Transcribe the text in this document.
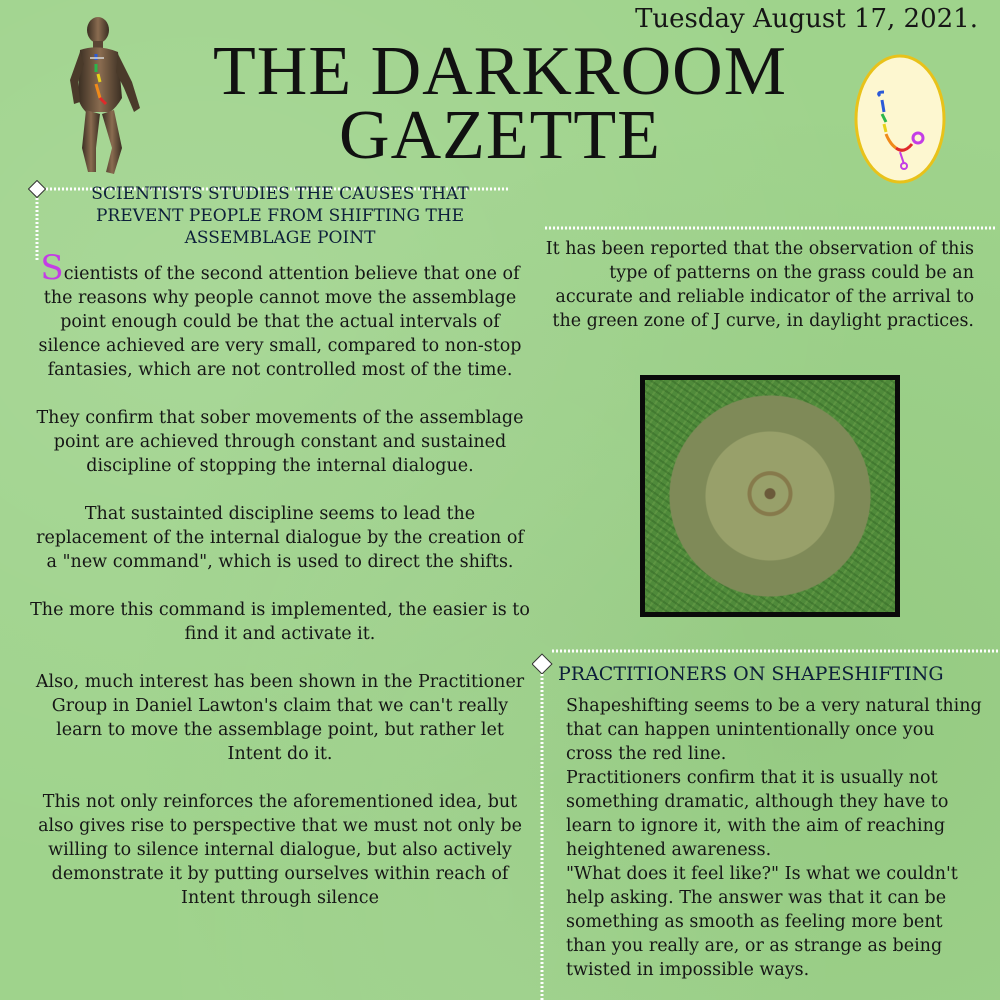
Tuesday August 17, 2021.
THE DARKROOM
GAZETTE
SCIENTISTS STUDIES THE CAUSES THAT PREVENT PEOPLE FROM SHIFTING THE ASSEMBLAGE POINT

Scientists of the second attention believe that one of the reasons why people cannot move the assemblage point enough could be that the actual intervals of silence achieved are very small, compared to non-stop fantasies, which are not controlled most of the time.

They confirm that sober movements of the assemblage point are achieved through constant and sustained discipline of stopping the internal dialogue.

That sustainted discipline seems to lead the replacement of the internal dialogue by the creation of a "new command", which is used to direct the shifts.

The more this command is implemented, the easier is to find it and activate it.

Also, much interest has been shown in the Practitioner Group in Daniel Lawton's claim that we can't really learn to move the assemblage point, but rather let Intent do it.

This not only reinforces the aforementioned idea, but also gives rise to perspective that we must not only be willing to silence internal dialogue, but also actively demonstrate it by putting ourselves within reach of Intent through silence

It has been reported that the observation of this type of patterns on the grass could be an accurate and reliable indicator of the arrival to the green zone of J curve, in daylight practices.
PRACTITIONERS ON SHAPESHIFTING

Shapeshifting seems to be a very natural thing that can happen unintentionally once you cross the red line.

Practitioners confirm that it is usually not something dramatic, although they have to learn to ignore it, with the aim of reaching heightened awareness.

"What does it feel like?" Is what we couldn't help asking. The answer was that it can be something as smooth as feeling more bent than you really are, or as strange as being twisted in impossible ways.
